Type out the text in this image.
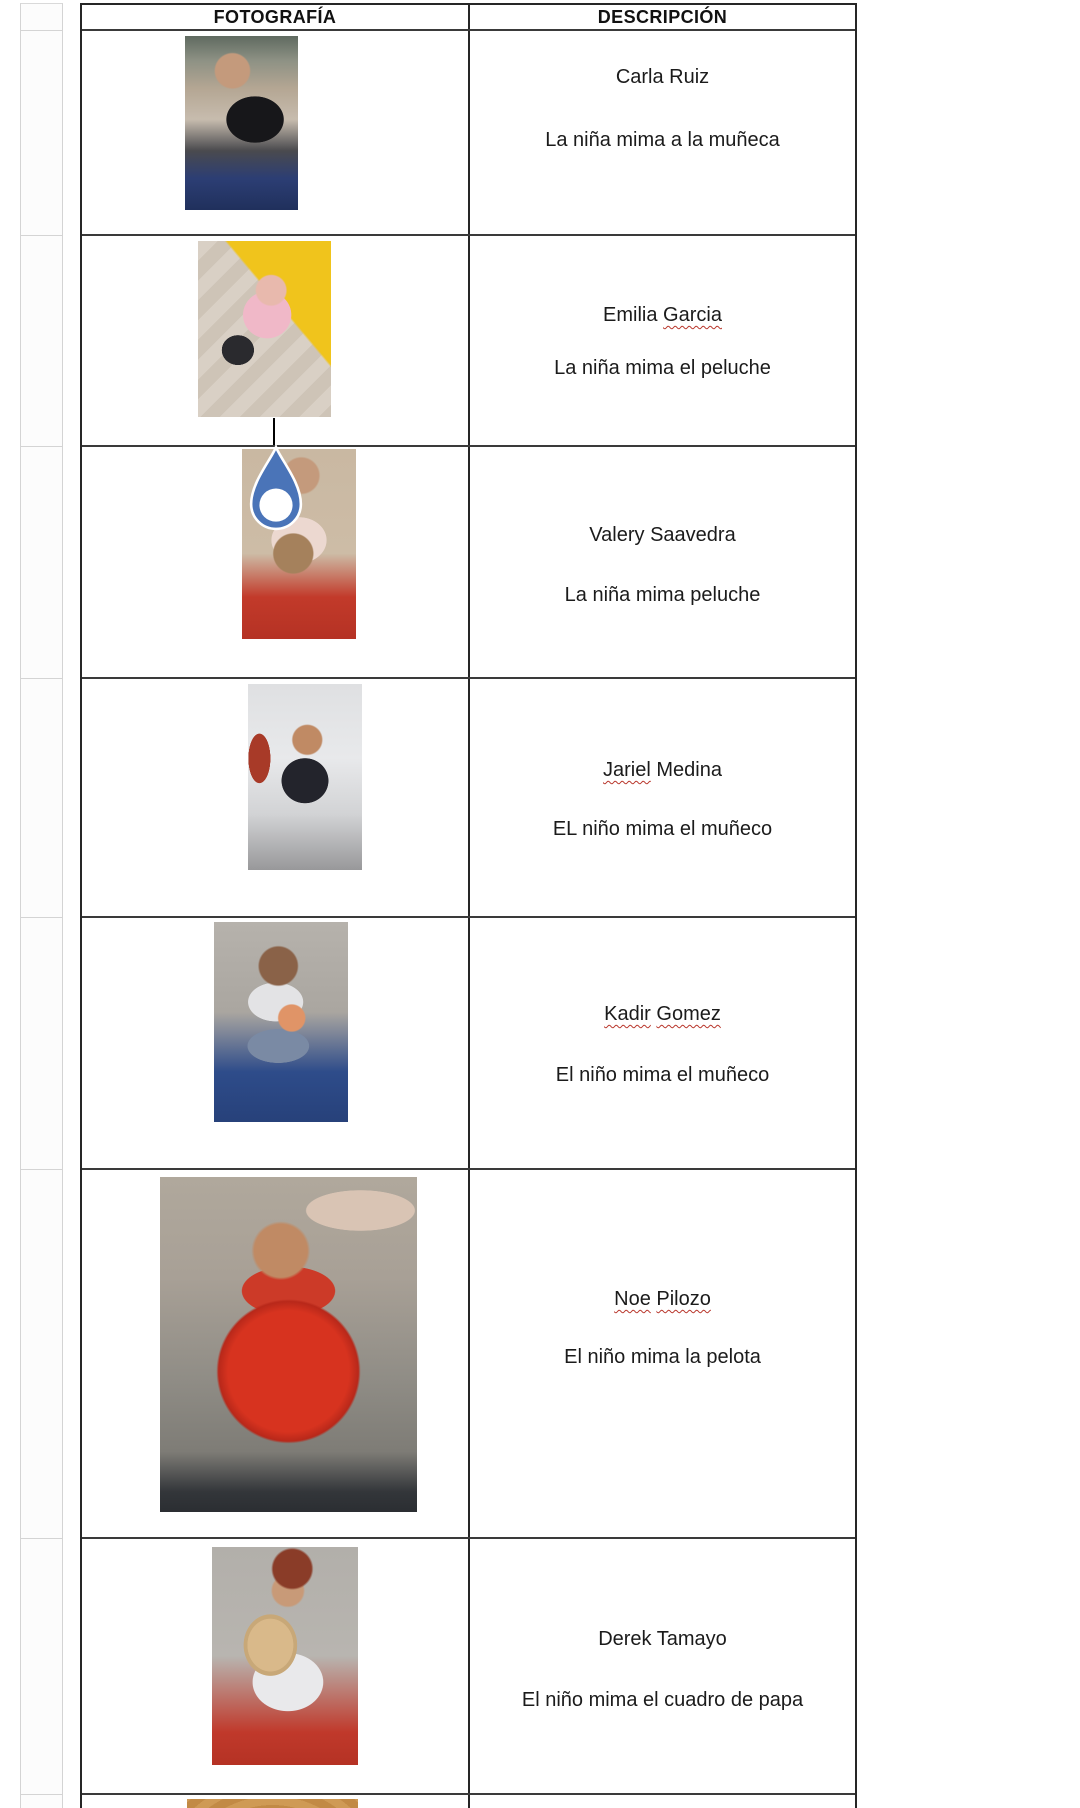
FOTOGRAFÍA	DESCRIPCIÓN
Carla Ruiz
La niña mima a la muñeca
Emilia Garcia
La niña mima el peluche
Valery Saavedra
La niña mima peluche
Jariel Medina
EL niño mima el muñeco
Kadir Gomez
El niño mima el muñeco
Noe Pilozo
El niño mima la pelota
Derek Tamayo
El niño mima el cuadro de papa
